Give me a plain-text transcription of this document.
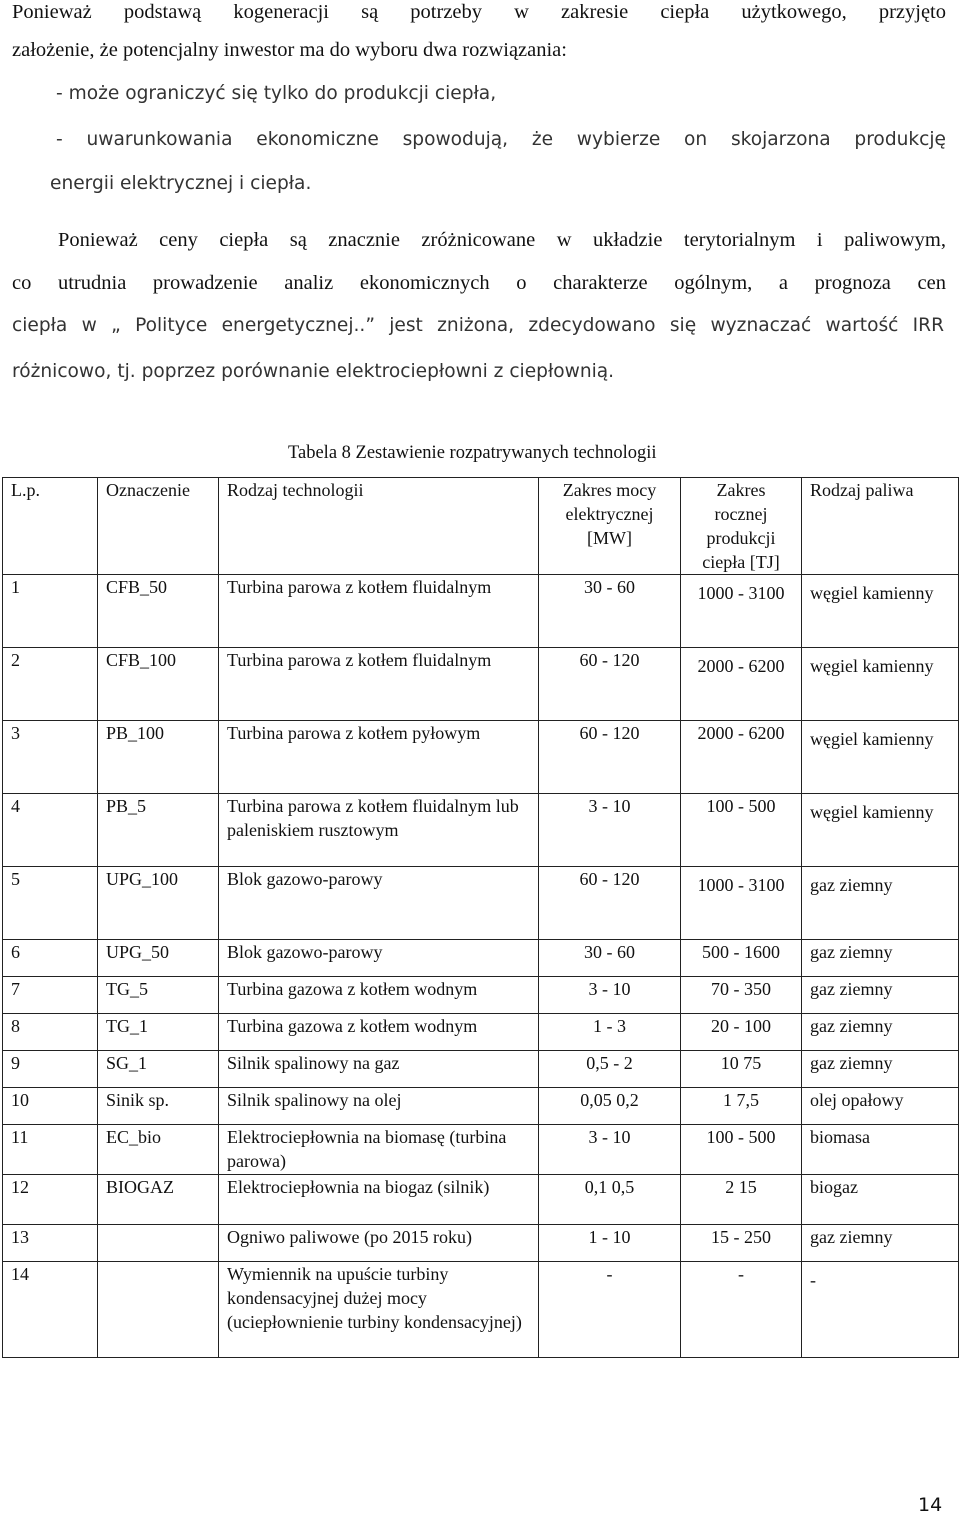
Ponieważ podstawą kogeneracji są potrzeby w zakresie ciepła użytkowego, przyjęto

założenie, że potencjalny inwestor ma do wyboru dwa rozwiązania:

- może ograniczyć się tylko do produkcji ciepła,

- uwarunkowania ekonomiczne spowodują, że wybierze on skojarzona produkcję

energii elektrycznej i ciepła.

Ponieważ ceny ciepła są znacznie zróżnicowane w układzie terytorialnym i paliwowym,

co utrudnia prowadzenie analiz ekonomicznych o charakterze ogólnym, a prognoza cen

ciepła w „ Polityce energetycznej..” jest zniżona, zdecydowano się wyznaczać wartość IRR

różnicowo, tj. poprzez porównanie elektrociepłowni z ciepłownią.

Tabela 8 Zestawienie rozpatrywanych technologii

L.p.	Oznaczenie	Rodzaj technologii	Zakres mocy elektrycznej [MW]	Zakres rocznej produkcji ciepła [TJ]	Rodzaj paliwa
1	CFB_50	Turbina parowa z kotłem fluidalnym	30 - 60	1000 - 3100	węgiel kamienny
2	CFB_100	Turbina parowa z kotłem fluidalnym	60 - 120	2000 - 6200	węgiel kamienny
3	PB_100	Turbina parowa z kotłem pyłowym	60 - 120	2000 - 6200	węgiel kamienny
4	PB_5	Turbina parowa z kotłem fluidalnym lub paleniskiem rusztowym	3 - 10	100 - 500	węgiel kamienny
5	UPG_100	Blok gazowo-parowy	60 - 120	1000 - 3100	gaz ziemny
6	UPG_50	Blok gazowo-parowy	30 - 60	500 - 1600	gaz ziemny
7	TG_5	Turbina gazowa z kotłem wodnym	3 - 10	70 - 350	gaz ziemny
8	TG_1	Turbina gazowa z kotłem wodnym	1 - 3	20 - 100	gaz ziemny
9	SG_1	Silnik spalinowy na gaz	0,5 - 2	10 75	gaz ziemny
10	Sinik sp.	Silnik spalinowy na olej	0,05 0,2	1 7,5	olej opałowy
11	EC_bio	Elektrociepłownia na biomasę (turbina parowa)	3 - 10	100 - 500	biomasa
12	BIOGAZ	Elektrociepłownia na biogaz (silnik)	0,1 0,5	2 15	biogaz
13		Ogniwo paliwowe (po 2015 roku)	1 - 10	15 - 250	gaz ziemny
14		Wymiennik na upuście turbiny kondensacyjnej dużej mocy (uciepłownienie turbiny kondensacyjnej)	-	-	-

14
